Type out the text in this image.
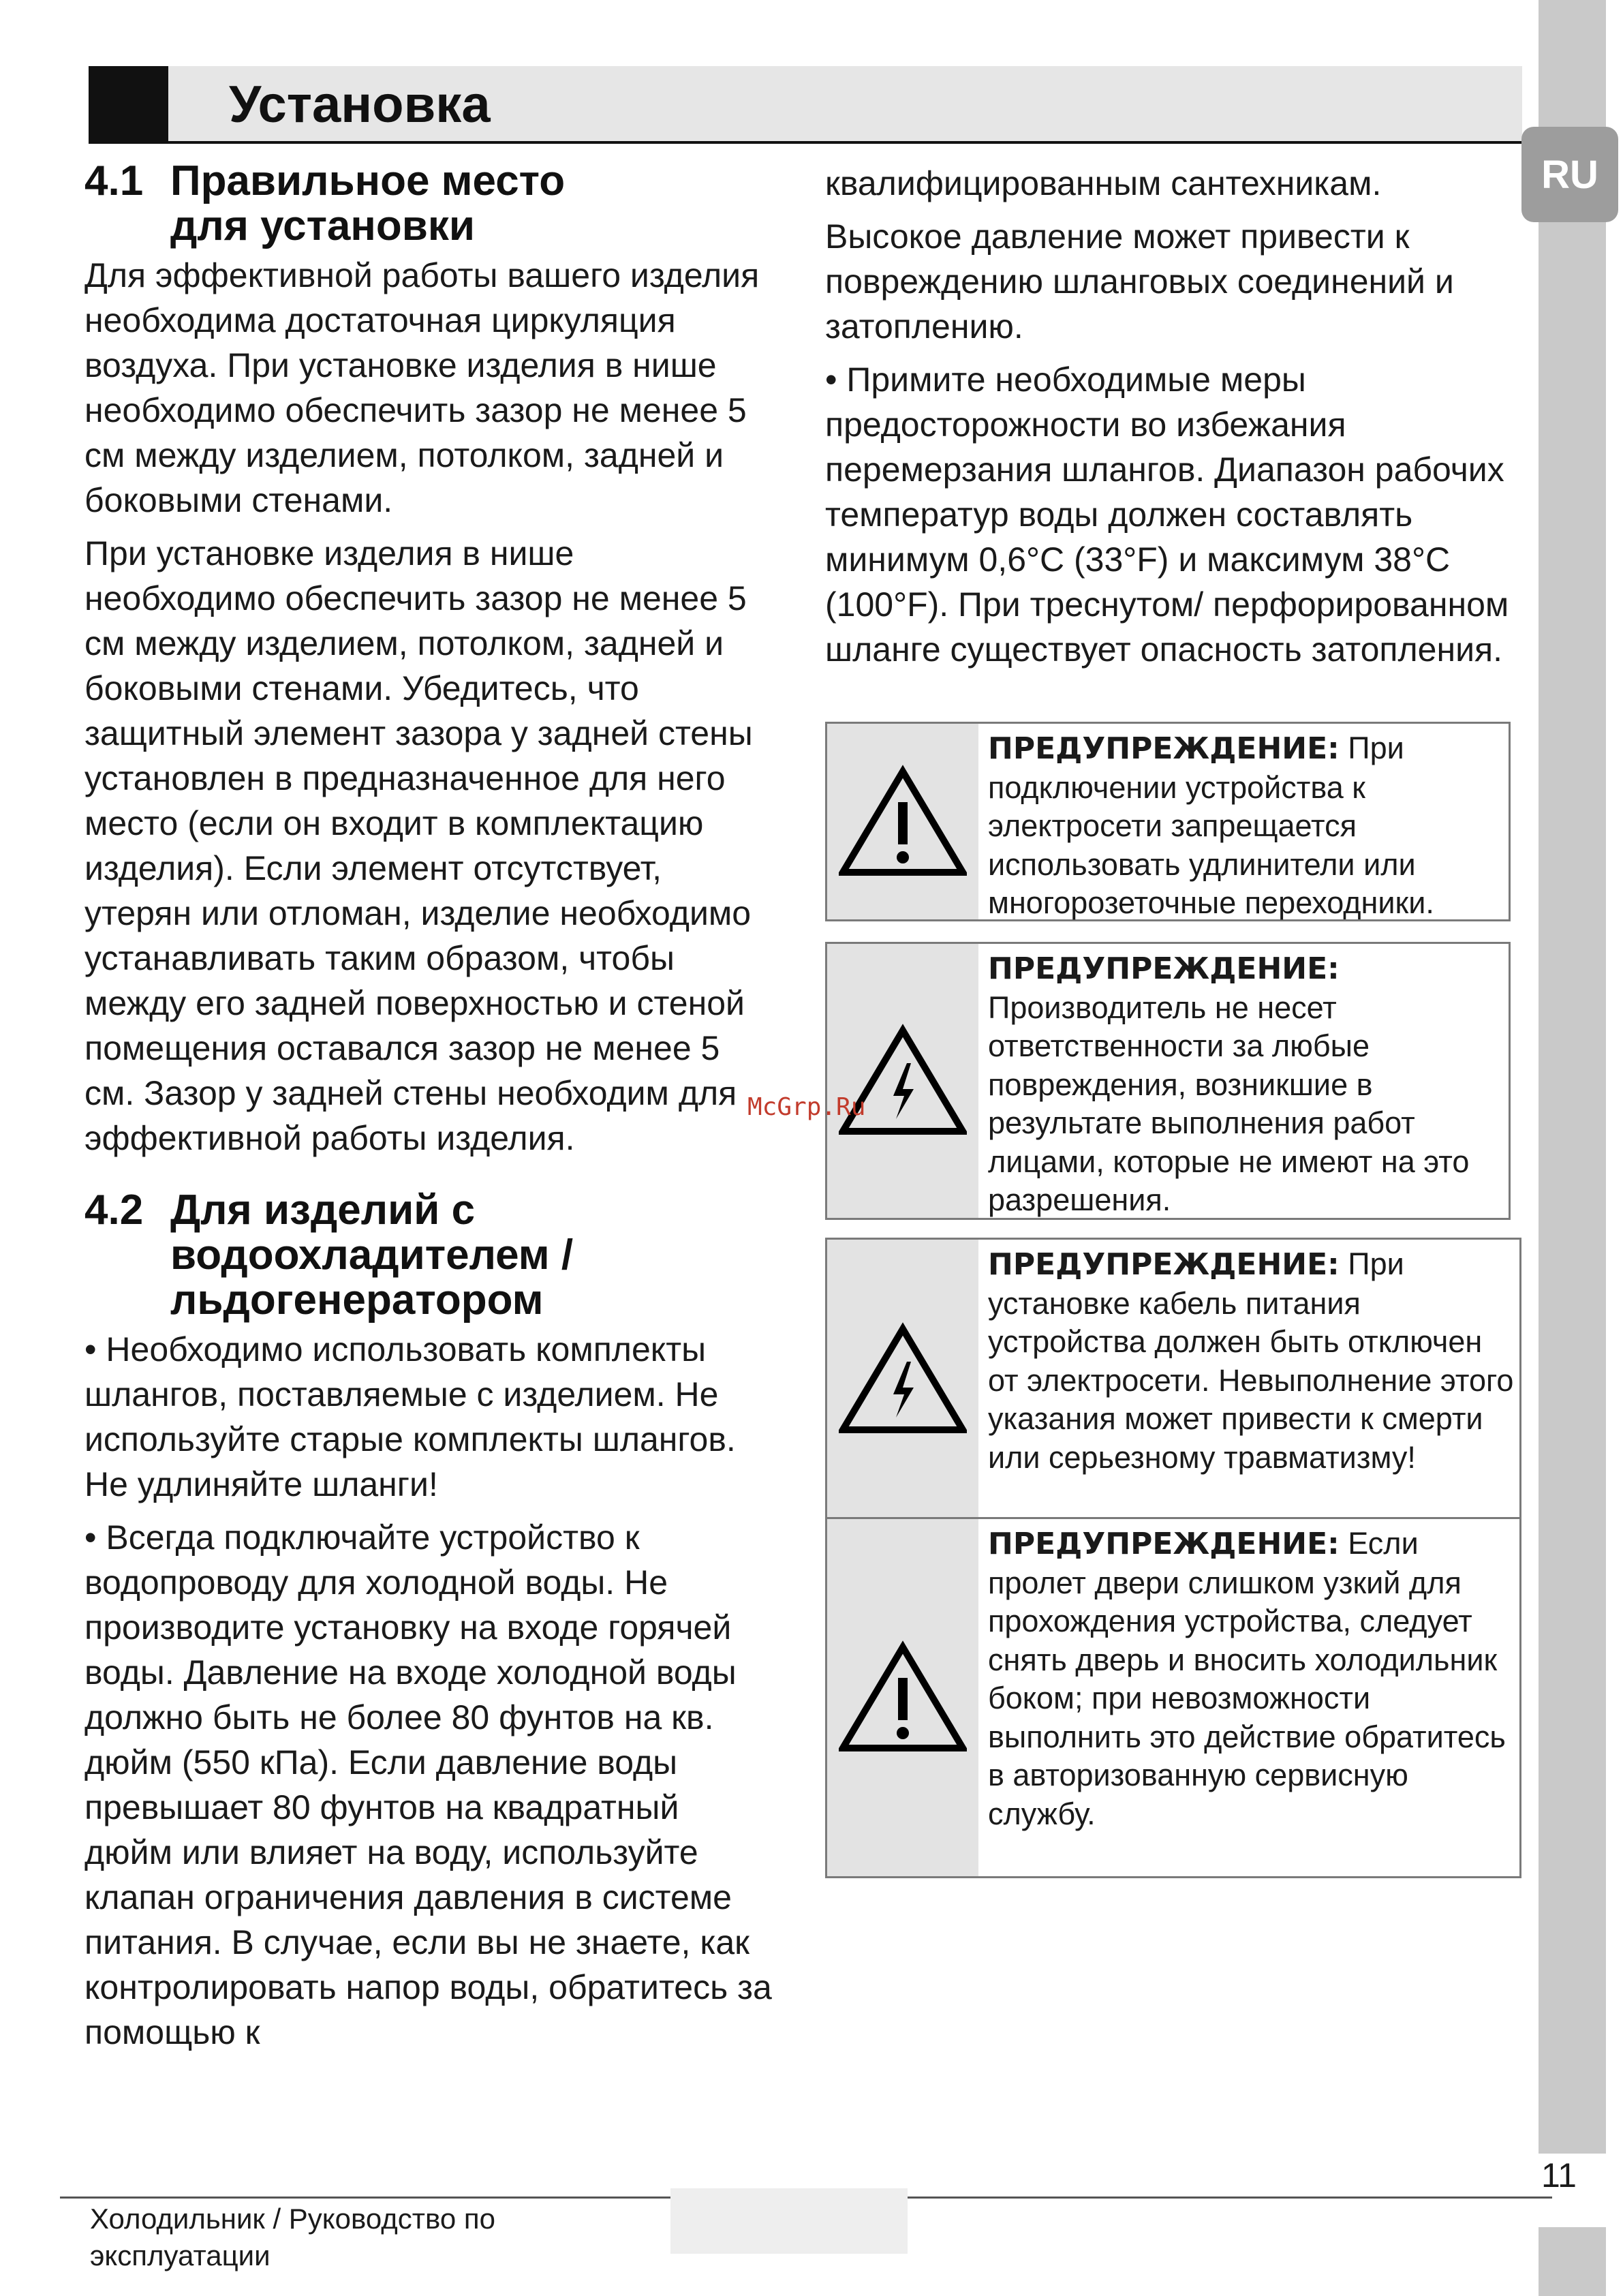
Установка
RU
4.1 Правильное место
для установки

Для эффективной работы вашего изделия необходима достаточная циркуляция воздуха. При установке изделия в нише необходимо обеспечить зазор не менее 5 см между изделием, потолком, задней и боковыми стенами.

При установке изделия в нише необходимо обеспечить зазор не менее 5 см между изделием, потолком, задней и боковыми стенами. Убедитесь, что защитный элемент зазора у задней стены установлен в предназначенное для него место (если он входит в комплектацию изделия). Если элемент отсутствует, утерян или отломан, изделие необходимо устанавливать таким образом, чтобы между его задней поверхностью и стеной помещения оставался зазор не менее 5 см. Зазор у задней стены необходим для эффективной работы изделия.

4.2 Для изделий с
водоохладителем /
льдогенератором

• Необходимо использовать комплекты шлангов, поставляемые с изделием. Не используйте старые комплекты шлангов. Не удлиняйте шланги!

• Всегда подключайте устройство к водопроводу для холодной воды. Не производите установку на входе горячей воды. Давление на входе холодной воды должно быть не более 80 фунтов на кв. дюйм (550 кПа). Если давление воды превышает 80 фунтов на квадратный дюйм или влияет на воду, используйте клапан ограничения давления в системе питания. В случае, если вы не знаете, как контролировать напор воды, обратитесь за помощью к

квалифицированным сантехникам.

Высокое давление может привести к повреждению шланговых соединений и затоплению.

• Примите необходимые меры предосторожности во избежания перемерзания шлангов. Диапазон рабочих температур воды должен составлять минимум 0,6°C (33°F) и максимум 38°C (100°F). При треснутом/ перфорированном шланге существует опасность затопления.

ПРЕДУПРЕЖДЕНИЕ: При подключении устройства к электросети запрещается использовать удлинители или многорозеточные переходники.
ПРЕДУПРЕЖДЕНИЕ:
Производитель не несет ответственности за любые повреждения, возникшие в результате выполнения работ лицами, которые не имеют на это разрешения.
ПРЕДУПРЕЖДЕНИЕ: При установке кабель питания устройства должен быть отключен от электросети. Невыполнение этого указания может привести к смерти или серьезному травматизму!
ПРЕДУПРЕЖДЕНИЕ: Если пролет двери слишком узкий для прохождения устройства, следует снять дверь и вносить холодильник боком; при невозможности выполнить это действие обратитесь в авторизованную сервисную службу.
McGrp.Ru
11
Холодильник / Руководство по
эксплуатации
